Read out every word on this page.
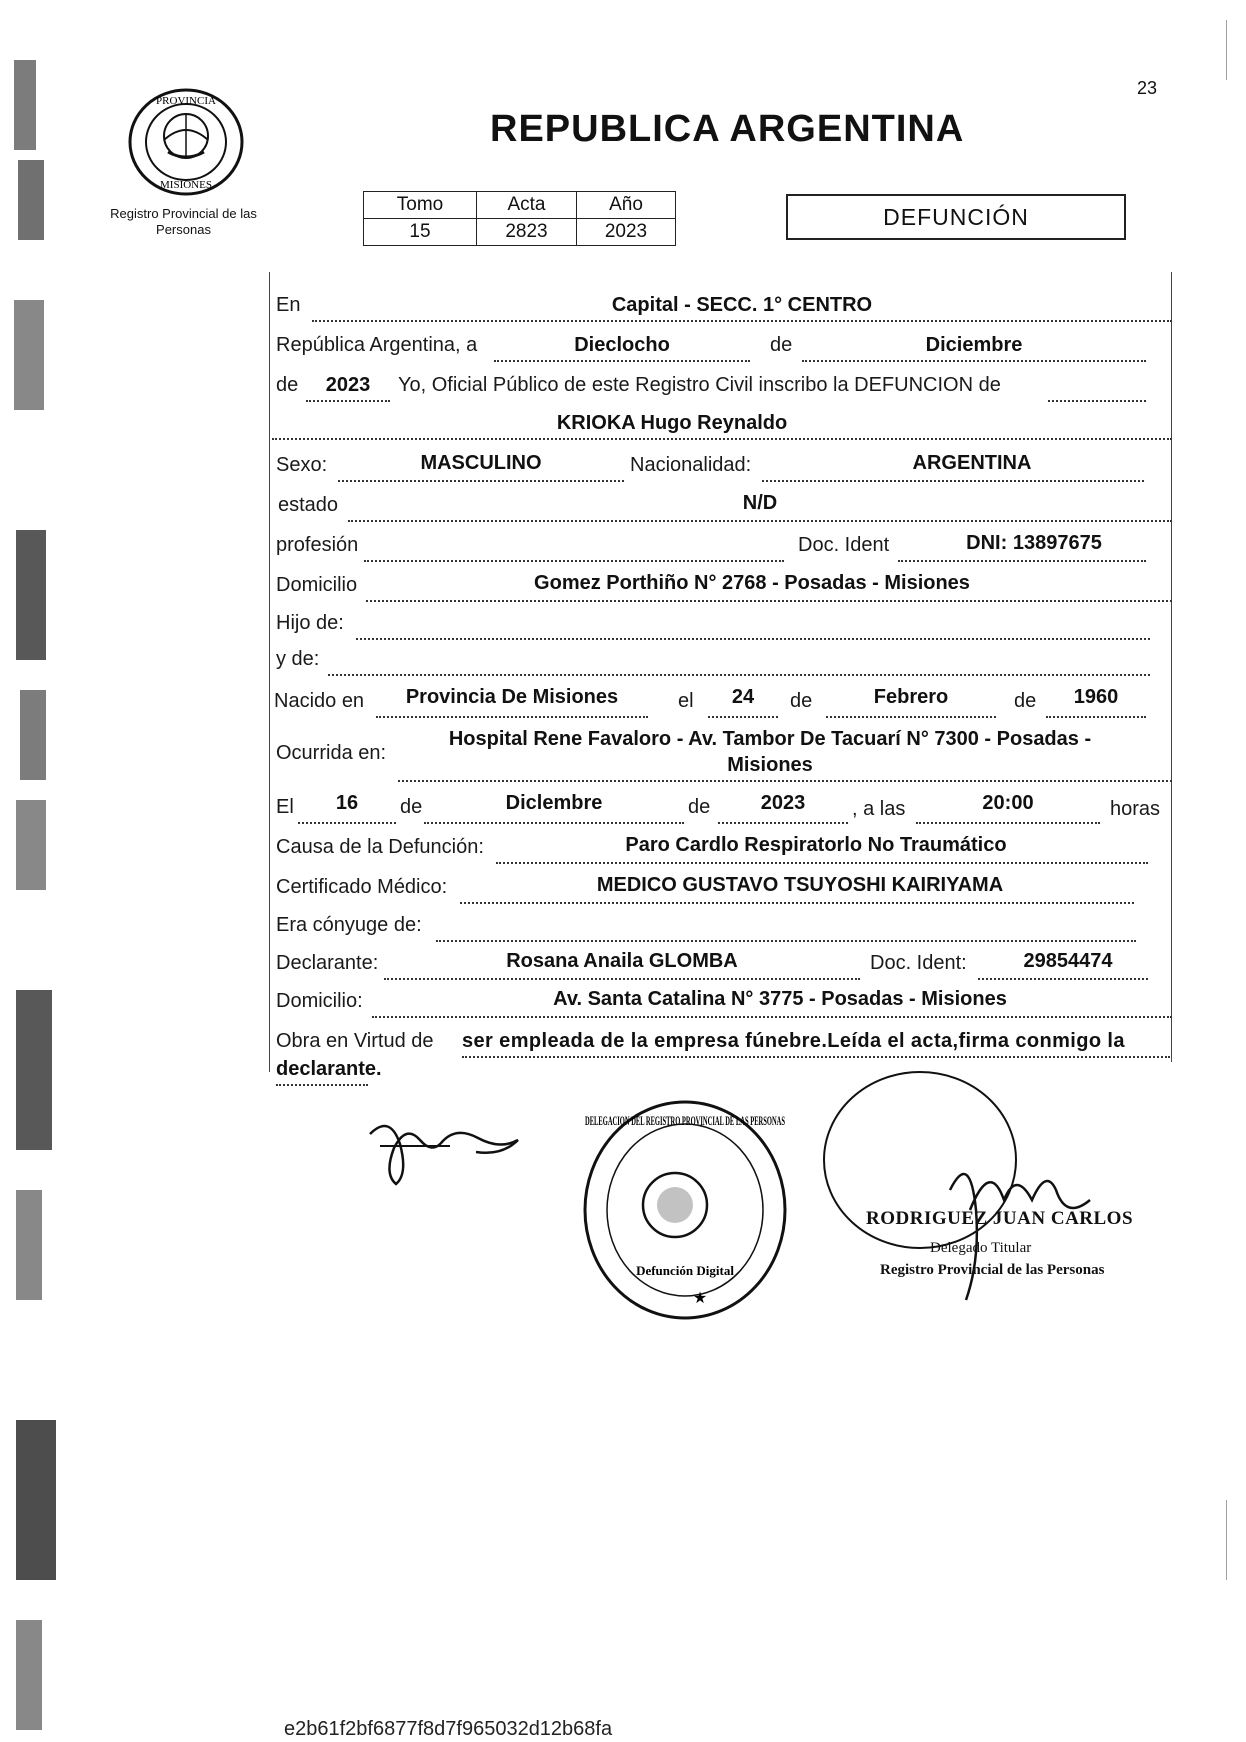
PROVINCIA
MISIONES
Registro Provincial de las Personas
REPUBLICA ARGENTINA
23
Tomo	Acta	Año
15	2823	2023
DEFUNCIÓN
En	Capital - SECC. 1° CENTRO
República Argentina, a	Dieclocho	de	Diciembre
de	2023	Yo, Oficial Público de este Registro Civil inscribo la DEFUNCION de
KRIOKA Hugo Reynaldo
Sexo:	MASCULINO	Nacionalidad:	ARGENTINA
estado	N/D
profesión	Doc. Ident	DNI: 13897675
Domicilio	Gomez Porthiño N° 2768 - Posadas - Misiones
Hijo de:
y de:
Nacido en	Provincia De Misiones	el	24	de	Febrero	de	1960
Ocurrida en:
Hospital Rene Favaloro - Av. Tambor De Tacuarí N° 7300 - Posadas -
Misiones
El	16	de	Diclembre	de	2023	, a las	20:00	horas
Causa de la Defunción:	Paro Cardlo Respiratorlo No Traumático
Certificado Médico:	MEDICO GUSTAVO TSUYOSHI KAIRIYAMA
Era cónyuge de:
Declarante:	Rosana Anaila GLOMBA	Doc. Ident:	29854474
Domicilio:	Av. Santa Catalina N° 3775 - Posadas - Misiones
Obra en Virtud de ser empleada de la empresa fúnebre.Leída el acta,firma conmigo la
declarante.
DELEGACION DEL REGISTRO PROVINCIAL DE LAS PERSONAS
Defunción Digital
★
RODRIGUEZ JUAN CARLOS
Delegado Titular
Registro Provincial de las Personas
e2b61f2bf6877f8d7f965032d12b68fa
